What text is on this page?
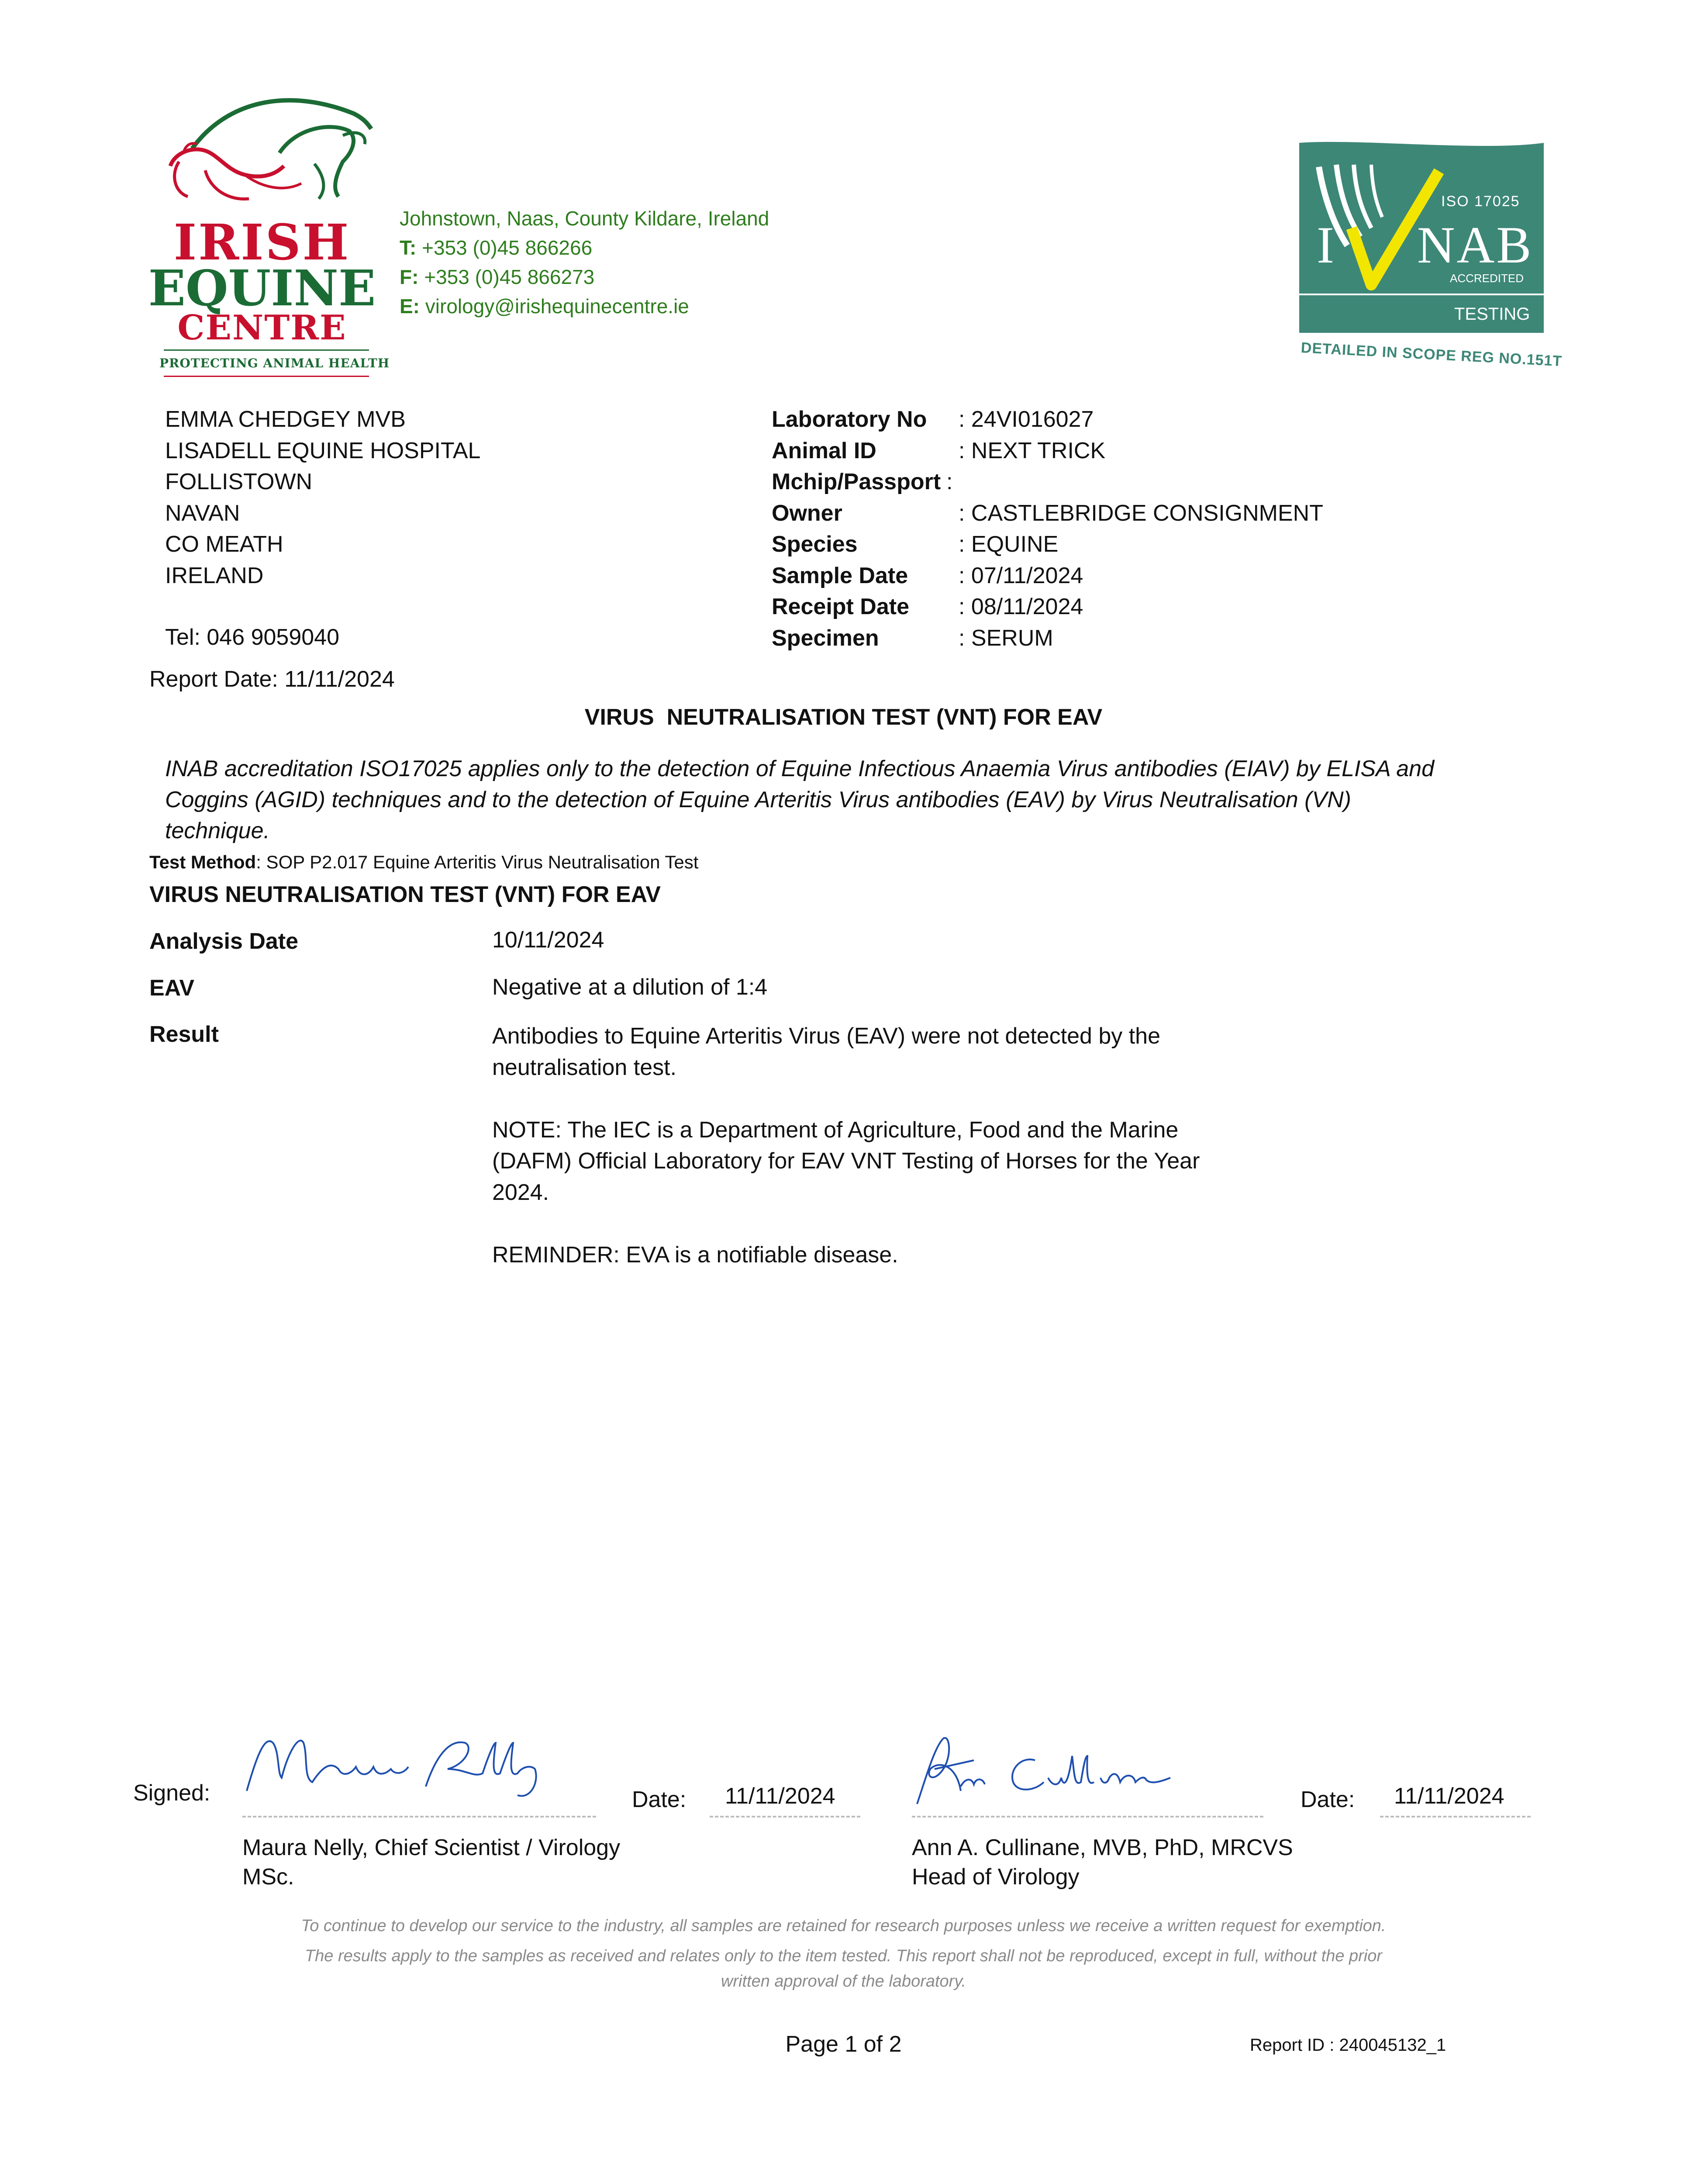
IRISH
EQUINE
CENTRE
PROTECTING ANIMAL HEALTH
Johnstown, Naas, County Kildare, Ireland
T: +353 (0)45 866266
F: +353 (0)45 866273
E: virology@irishequinecentre.ie
ISO 17025
I NAB
ACCREDITED
TESTING
DETAILED IN SCOPE REG NO.151T
EMMA CHEDGEY MVB
LISADELL EQUINE HOSPITAL
FOLLISTOWN
NAVAN
CO MEATH
IRELAND
Tel: 046 9059040
Laboratory No : 24VI016027
Animal ID	: NEXT TRICK
Mchip/Passport :
Owner	: CASTLEBRIDGE CONSIGNMENT
Species	: EQUINE
Sample Date : 07/11/2024
Receipt Date : 08/11/2024
Specimen	: SERUM
Report Date: 11/11/2024
VIRUS  NEUTRALISATION TEST (VNT) FOR EAV
INAB accreditation ISO17025 applies only to the detection of Equine Infectious Anaemia Virus antibodies (EIAV) by ELISA and Coggins (AGID) techniques and to the detection of Equine Arteritis Virus antibodies (EAV) by Virus Neutralisation (VN) technique.
Test Method: SOP P2.017 Equine Arteritis Virus Neutralisation Test
VIRUS NEUTRALISATION TEST (VNT) FOR EAV
Analysis Date	10/11/2024
EAV	Negative at a dilution of 1:4
Result	Antibodies to Equine Arteritis Virus (EAV) were not detected by the
neutralisation test.
NOTE: The IEC is a Department of Agriculture, Food and the Marine
(DAFM) Official Laboratory for EAV VNT Testing of Horses for the Year
2024.
REMINDER: EVA is a notifiable disease.
Signed:	Date: 11/11/2024
Maura Nelly, Chief Scientist / Virology
MSc.
Date: 11/11/2024
Ann A. Cullinane, MVB, PhD, MRCVS
Head of Virology
To continue to develop our service to the industry, all samples are retained for research purposes unless we receive a written request for exemption.
The results apply to the samples as received and relates only to the item tested. This report shall not be reproduced, except in full, without the prior
written approval of the laboratory.
Page 1 of 2	Report ID : 240045132_1
